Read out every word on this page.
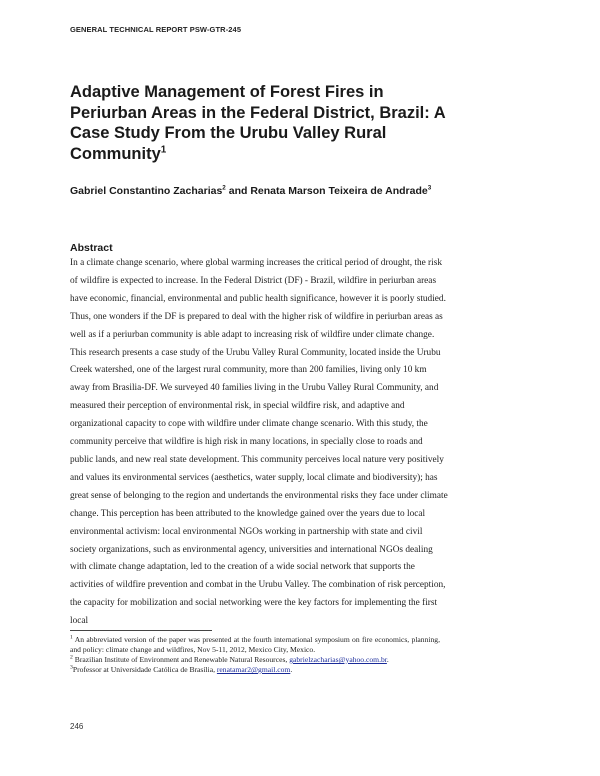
GENERAL TECHNICAL REPORT PSW-GTR-245
Adaptive Management of Forest Fires in Periurban Areas in the Federal District, Brazil: A Case Study From the Urubu Valley Rural Community$^1$
Gabriel Constantino Zacharias$^2$ and Renata Marson Teixeira de Andrade$^3$
Abstract

In a climate change scenario, where global warming increases the critical period of drought, the risk of wildfire is expected to increase. In the Federal District (DF) - Brazil, wildfire in periurban areas have economic, financial, environmental and public health significance, however it is poorly studied. Thus, one wonders if the DF is prepared to deal with the higher risk of wildfire in periurban areas as well as if a periurban community is able adapt to increasing risk of wildfire under climate change. This research presents a case study of the Urubu Valley Rural Community, located inside the Urubu Creek watershed, one of the largest rural community, more than 200 families, living only 10 km away from Brasilia-DF. We surveyed 40 families living in the Urubu Valley Rural Community, and measured their perception of environmental risk, in special wildfire risk, and adaptive and organizational capacity to cope with wildfire under climate change scenario. With this study, the community perceive that wildfire is high risk in many locations, in specially close to roads and public lands, and new real state development. This community perceives local nature very positively and values its environmental services (aesthetics, water supply, local climate and biodiversity); has great sense of belonging to the region and undertands the environmental risks they face under climate change. This perception has been attributed to the knowledge gained over the years due to local environmental activism: local environmental NGOs working in partnership with state and civil society organizations, such as environmental agency, universities and international NGOs dealing with climate change adaptation, led to the creation of a wide social network that supports the activities of wildfire prevention and combat in the Urubu Valley. The combination of risk perception, the capacity for mobilization and social networking were the key factors for implementing the first local

$^1$ An abbreviated version of the paper was presented at the fourth international symposium on fire economics, planning, and policy: climate change and wildfires, Nov 5-11, 2012, Mexico City, Mexico.

$^2$ Brazilian Institute of Environment and Renewable Natural Resources, gabrielzacharias@yahoo.com.br.

$^3$Professor at Universidade Católica de Brasília, renatamar2@gmail.com.

246
